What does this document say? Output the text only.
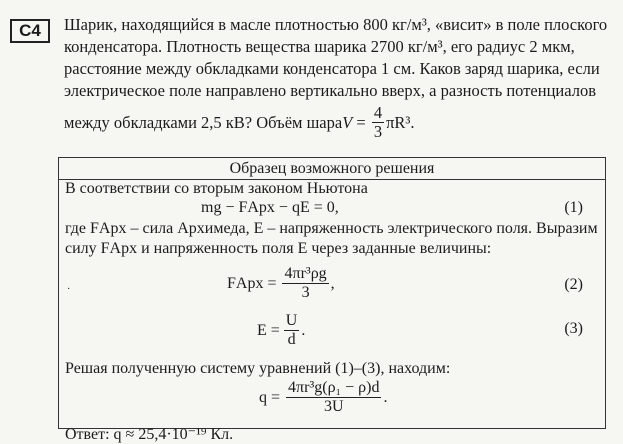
C4	Шарик, находящийся в масле плотностью 800 кг/м³, «висит» в поле плоского
конденсатора. Плотность вещества шарика 2700 кг/м³, его радиус 2 мкм,
расстояние между обкладками конденсатора 1 см. Каков заряд шарика, если
электрическое поле направлено вертикально вверх, а разность потенциалов
между обкладками 2,5 кВ? Объём шара $V = \frac{4}{3} \pi R^3$.
Образец возможного решения
В соответствии со вторым законом Ньютона
mg − FАрх − qE = 0,	(1)
где FАрх – сила Архимеда, E – напряженность электрического поля. Выразим
силу FАрх и напряженность поля E через заданные величины:
·	FАрх = $\frac{\text{4πr³ρg}}{3}$ ,	(2)
$E = \frac{U}{d}$ .	(3)
Решая полученную систему уравнений (1)–(3), находим:
$q = \frac{\text{4πr³g(ρ₁ − ρ)d}}{3U}$ .
Ответ: q ≈ 25,4·10⁻¹⁹ Кл.
